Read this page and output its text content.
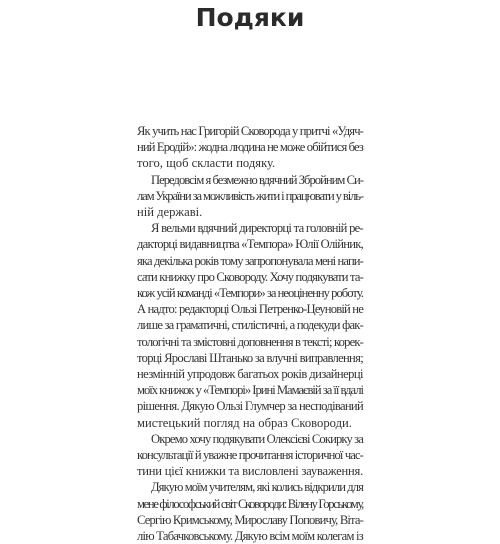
Подяки

Як учить нас Григорій Сковорода у притчі «Удяч-
ний Еродій»: жодна людина не може обійтися без
того, щоб скласти подяку.

Передовсім я безмежно вдячний Збройним Си-
лам України за можливість жити і працювати у віль-
ній державі.

Я вельми вдячний директорці та головній ре-
дакторці видавництва «Темпора» Юлії Олійник,
яка декілька років тому запропонувала мені напи-
сати книжку про Сковороду. Хочу подякувати та-
кож усій команді «Темпори» за неоціненну роботу.
А надто: редакторці Ользі Петренко-Цеуновій не
лише за граматичні, стилістичні, а подекуди фак-
тологічні та змістовні доповнення в тексті; корек-
торці Ярославі Штанько за влучні виправлення;
незмінній упродовж багатьох років дизайнерці
моїх книжок у «Темпорі» Ірині Мамаєвій за її вдалі
рішення. Дякую Ользі Глумчер за несподіваний
мистецький погляд на образ Сковороди.

Окремо хочу подякувати Олексієві Сокирку за
консультації й уважне прочитання історичної час-
тини цієї книжки та висловлені зауваження.

Дякую моїм учителям, які колись відкрили для
мене філософський світ Сковороди: Вілену Горському,
Сергію Кримському, Мирославу Поповичу, Віта-
лію Табачковському. Дякую всім моїм колегам із
